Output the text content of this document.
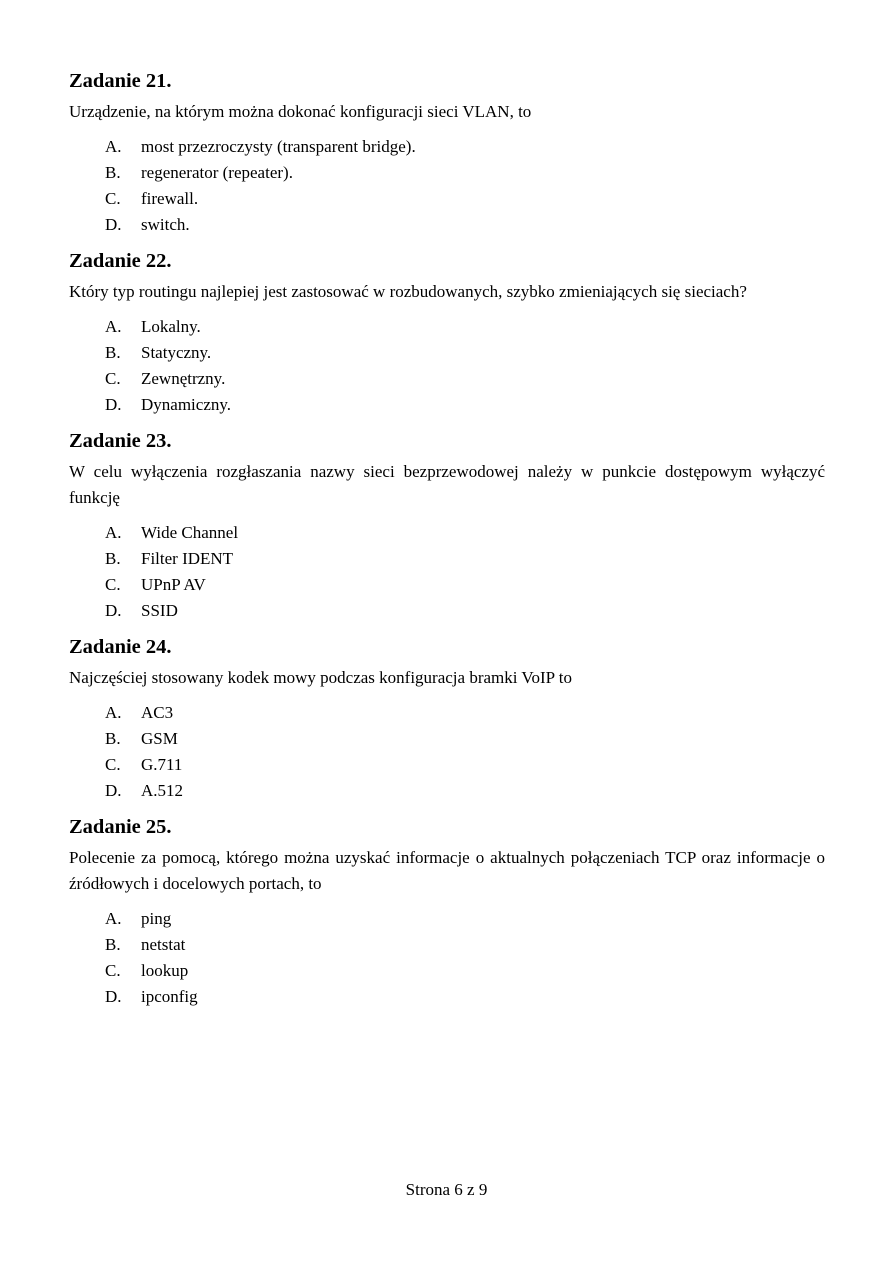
Zadanie 21.
Urządzenie, na którym można dokonać konfiguracji sieci VLAN, to
A.	most przezroczysty (transparent bridge).
B.	regenerator (repeater).
C.	firewall.
D.	switch.
Zadanie 22.
Który typ routingu najlepiej jest zastosować w rozbudowanych, szybko zmieniających się sieciach?
A.	Lokalny.
B.	Statyczny.
C.	Zewnętrzny.
D.	Dynamiczny.
Zadanie 23.
W celu wyłączenia rozgłaszania nazwy sieci bezprzewodowej należy w punkcie dostępowym wyłączyć funkcję
A.	Wide Channel
B.	Filter IDENT
C.	UPnP AV
D.	SSID
Zadanie 24.
Najczęściej stosowany kodek mowy podczas konfiguracja bramki VoIP to
A.	AC3
B.	GSM
C.	G.711
D.	A.512
Zadanie 25.
Polecenie za pomocą, którego można uzyskać informacje o aktualnych połączeniach TCP oraz informacje o źródłowych i docelowych portach, to
A.	ping
B.	netstat
C.	lookup
D.	ipconfig
Strona 6 z 9
